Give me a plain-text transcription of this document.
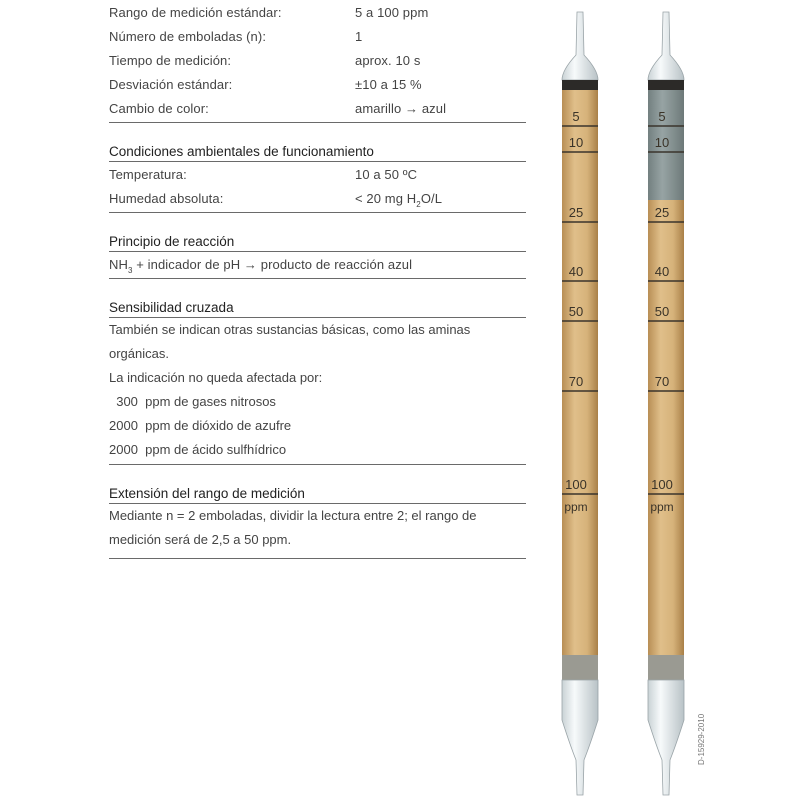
Rango de medición estándar:	5 a 100 ppm
Número de emboladas (n):	1
Tiempo de medición:	aprox. 10 s
Desviación estándar:	±10 a 15 %
Cambio de color:	amarillo → azul
Condiciones ambientales de funcionamiento
Temperatura:	10 a 50 ºC
Humedad absoluta:	< 20 mg $H_2O/L$
Principio de reacción
$NH_3$ + indicador de pH → producto de reacción azul
Sensibilidad cruzada
También se indican otras sustancias básicas, como las aminas
orgánicas.
La indicación no queda afectada por:
300  ppm de gases nitrosos
2000  ppm de dióxido de azufre
2000  ppm de ácido sulfhídrico
Extensión del rango de medición
Mediante n = 2 emboladas, dividir la lectura entre 2; el rango de
medición será de 2,5 a 50 ppm.
5
10
25
40
50
70
100
ppm
5
10
25
40
50
70
100
ppm
D-15929-2010
